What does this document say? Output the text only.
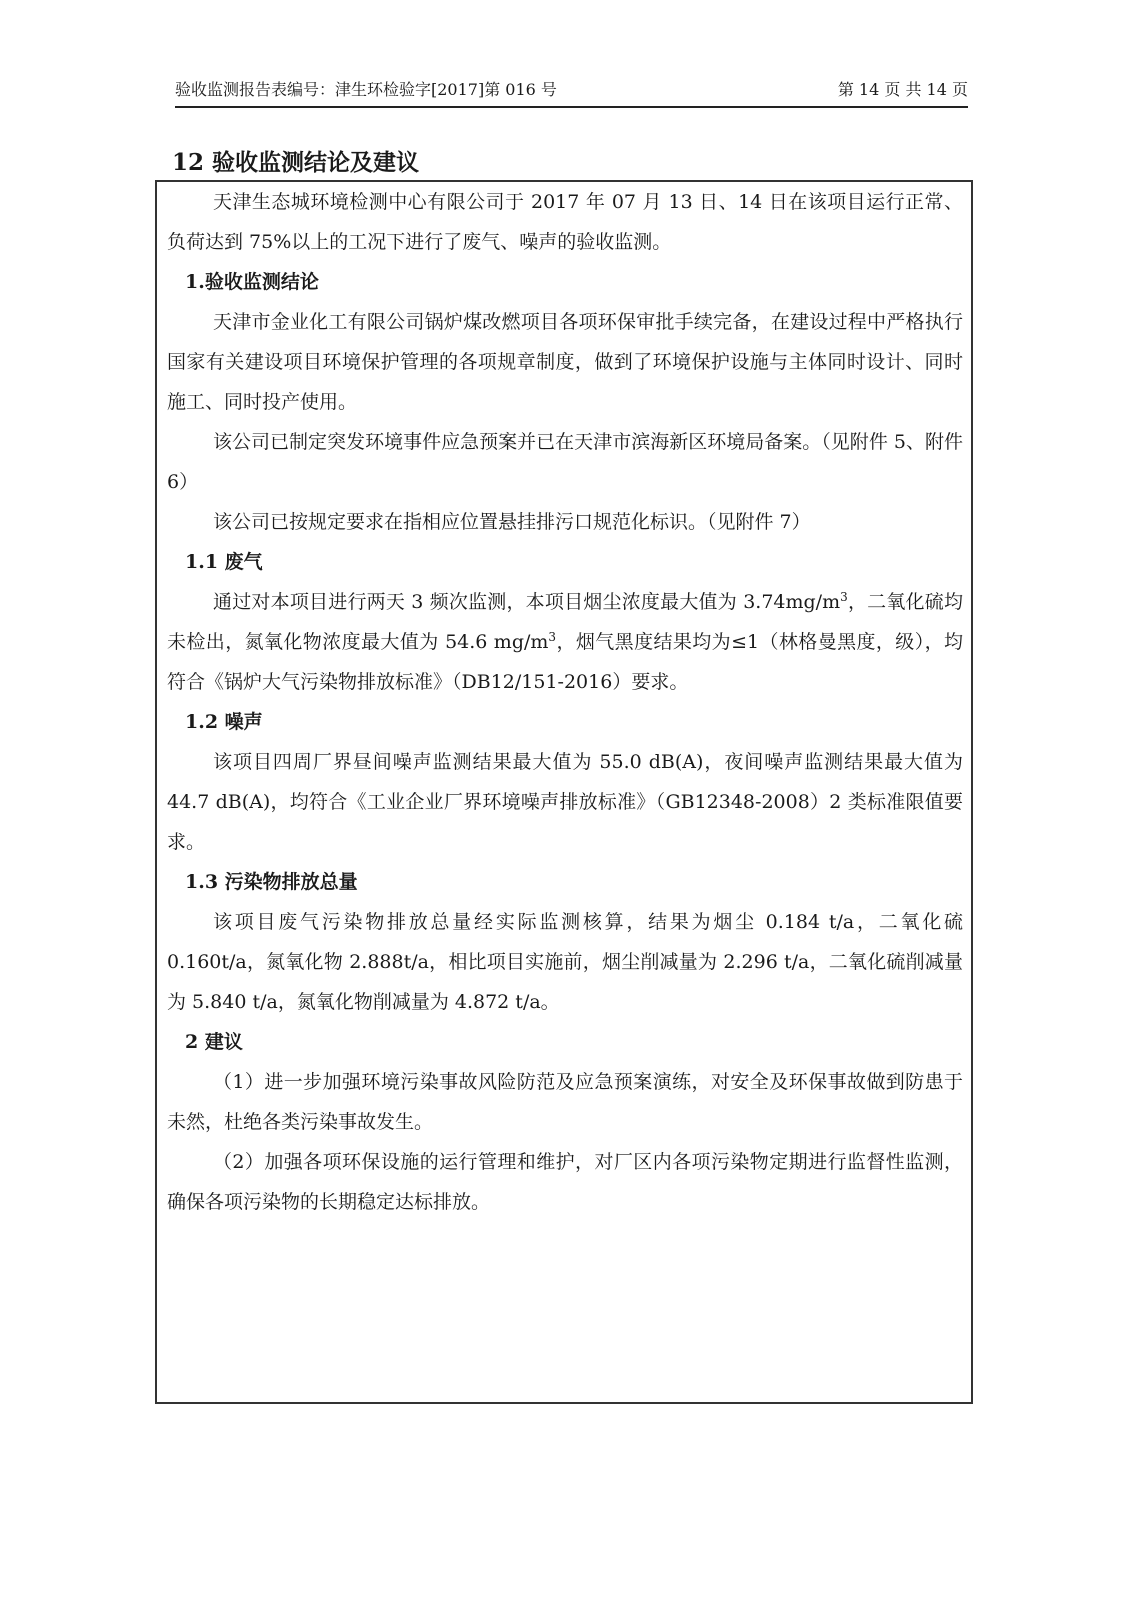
验收监测报告表编号：津生环检验字[2017]第 016 号	第 14 页 共 14 页
12 验收监测结论及建议

天津生态城环境检测中心有限公司于 2017 年 07 月 13 日、14 日在该项目运行正常、负荷达到 75%以上的工况下进行了废气、噪声的验收监测。

1.验收监测结论

天津市金业化工有限公司锅炉煤改燃项目各项环保审批手续完备，在建设过程中严格执行国家有关建设项目环境保护管理的各项规章制度，做到了环境保护设施与主体同时设计、同时施工、同时投产使用。

该公司已制定突发环境事件应急预案并已在天津市滨海新区环境局备案。（见附件 5、附件 6）

该公司已按规定要求在指相应位置悬挂排污口规范化标识。（见附件 7）

1.1 废气

通过对本项目进行两天 3 频次监测，本项目烟尘浓度最大值为 $3.74mg/m^3$，二氧化硫均未检出，氮氧化物浓度最大值为 54.6 $mg/m^3$，烟气黑度结果均为≤1（林格曼黑度，级），均符合《锅炉大气污染物排放标准》（DB12/151-2016）要求。

1.2 噪声

该项目四周厂界昼间噪声监测结果最大值为 55.0 dB(A)，夜间噪声监测结果最大值为 44.7 dB(A)，均符合《工业企业厂界环境噪声排放标准》（GB12348-2008）2 类标准限值要求。

1.3 污染物排放总量

该项目废气污染物排放总量经实际监测核算，结果为烟尘 0.184 t/a，二氧化硫 0.160t/a，氮氧化物 2.888t/a，相比项目实施前，烟尘削减量为 2.296 t/a，二氧化硫削减量为 5.840 t/a，氮氧化物削减量为 4.872 t/a。

2 建议

（1）进一步加强环境污染事故风险防范及应急预案演练，对安全及环保事故做到防患于未然，杜绝各类污染事故发生。

（2）加强各项环保设施的运行管理和维护，对厂区内各项污染物定期进行监督性监测，确保各项污染物的长期稳定达标排放。
